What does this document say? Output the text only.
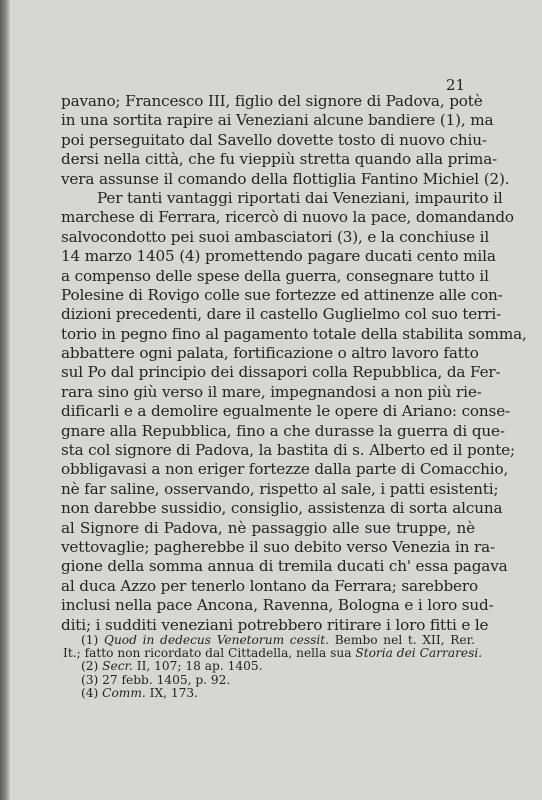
21
pavano; Francesco III, figlio del signore di Padova, potè
in una sortita rapire ai Veneziani alcune bandiere (1), ma
poi perseguitato dal Savello dovette tosto di nuovo chiu-
dersi nella città, che fu vieppiù stretta quando alla prima-
vera assunse il comando della flottiglia Fantino Michiel (2).
Per tanti vantaggi riportati dai Veneziani, impaurito il
marchese di Ferrara, ricercò di nuovo la pace, domandando
salvocondotto pei suoi ambasciatori (3), e la conchiuse il
14 marzo 1405 (4) promettendo pagare ducati cento mila
a compenso delle spese della guerra, consegnare tutto il
Polesine di Rovigo colle sue fortezze ed attinenze alle con-
dizioni precedenti, dare il castello Guglielmo col suo terri-
torio in pegno fino al pagamento totale della stabilita somma,
abbattere ogni palata, fortificazione o altro lavoro fatto
sul Po dal principio dei dissapori colla Repubblica, da Fer-
rara sino giù verso il mare, impegnandosi a non più rie-
dificarli e a demolire egualmente le opere di Ariano: conse-
gnare alla Repubblica, fino a che durasse la guerra di que-
sta col signore di Padova, la bastita di s. Alberto ed il ponte;
obbligavasi a non eriger fortezze dalla parte di Comacchio,
nè far saline, osservando, rispetto al sale, i patti esistenti;
non darebbe sussidio, consiglio, assistenza di sorta alcuna
al Signore di Padova, nè passaggio alle sue truppe, nè
vettovaglie; pagherebbe il suo debito verso Venezia in ra-
gione della somma annua di tremila ducati ch' essa pagava
al duca Azzo per tenerlo lontano da Ferrara; sarebbero
inclusi nella pace Ancona, Ravenna, Bologna e i loro sud-
diti; i sudditi veneziani potrebbero ritirare i loro fitti e le
(1) Quod in dedecus Venetorum cessit. Bembo nel t. XII, Rer.
It.; fatto non ricordato dal Cittadella, nella sua Storia dei Carraresi.
(2) Secr. II, 107; 18 ap. 1405.
(3) 27 febb. 1405, p. 92.
(4) Comm. IX, 173.
